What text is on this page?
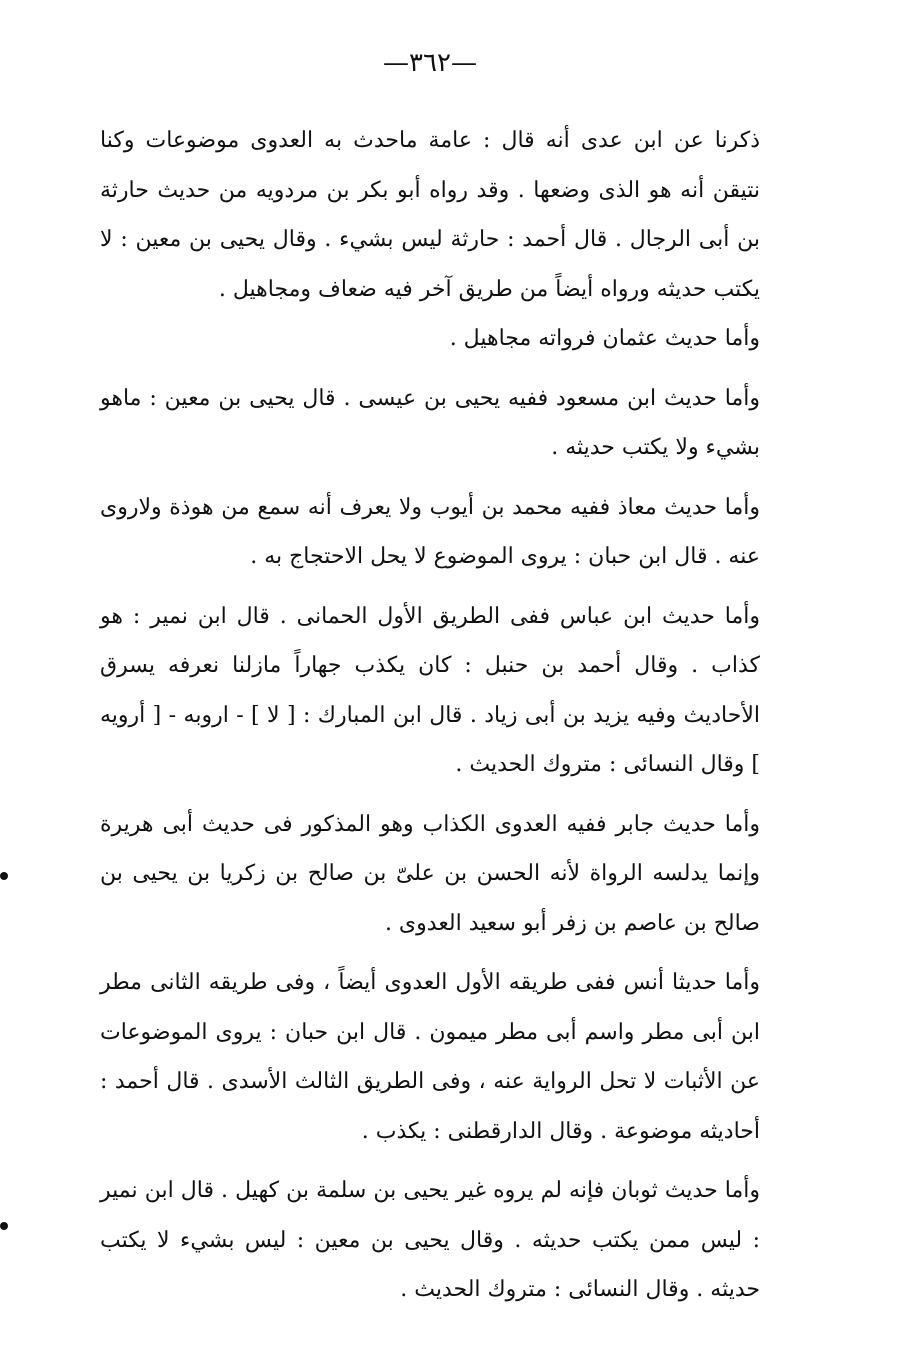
—٣٦٢—

ذكرنا عن ابن عدى أنه قال : عامة ماحدث به العدوى موضوعات وكنا نتيقن أنه هو الذى وضعها . وقد رواه أبو بكر بن مردويه من حديث حارثة بن أبى الرجال . قال أحمد : حارثة ليس بشيء . وقال يحيى بن معين : لا يكتب حديثه ورواه أيضاً من طريق آخر فيه ضعاف ومجاهيل .

وأما حديث عثمان فرواته مجاهيل .

وأما حديث ابن مسعود ففيه يحيى بن عيسى . قال يحيى بن معين : ماهو بشيء ولا يكتب حديثه .

وأما حديث معاذ ففيه محمد بن أيوب ولا يعرف أنه سمع من هوذة ولاروى عنه . قال ابن حبان : يروى الموضوع لا يحل الاحتجاج به .

وأما حديث ابن عباس ففى الطريق الأول الحمانى . قال ابن نمير : هو كذاب . وقال أحمد بن حنبل : كان يكذب جهاراً مازلنا نعرفه يسرق الأحاديث وفيه يزيد بن أبى زياد . قال ابن المبارك : [ لا ] - اروبه - [ أرويه ] وقال النسائى : متروك الحديث .

وأما حديث جابر ففيه العدوى الكذاب وهو المذكور فى حديث أبى هريرة وإنما يدلسه الرواة لأنه الحسن بن علىّ بن صالح بن زكريا بن يحيى بن صالح بن عاصم بن زفر أبو سعيد العدوى .

وأما حديثا أنس ففى طريقه الأول العدوى أيضاً ، وفى طريقه الثانى مطر ابن أبى مطر واسم أبى مطر ميمون . قال ابن حبان : يروى الموضوعات عن الأثبات لا تحل الرواية عنه ، وفى الطريق الثالث الأسدى . قال أحمد : أحاديثه موضوعة . وقال الدارقطنى : يكذب .

وأما حديث ثوبان فإنه لم يروه غير يحيى بن سلمة بن كهيل . قال ابن نمير : ليس ممن يكتب حديثه . وقال يحيى بن معين : ليس بشيء لا يكتب حديثه . وقال النسائى : متروك الحديث .
